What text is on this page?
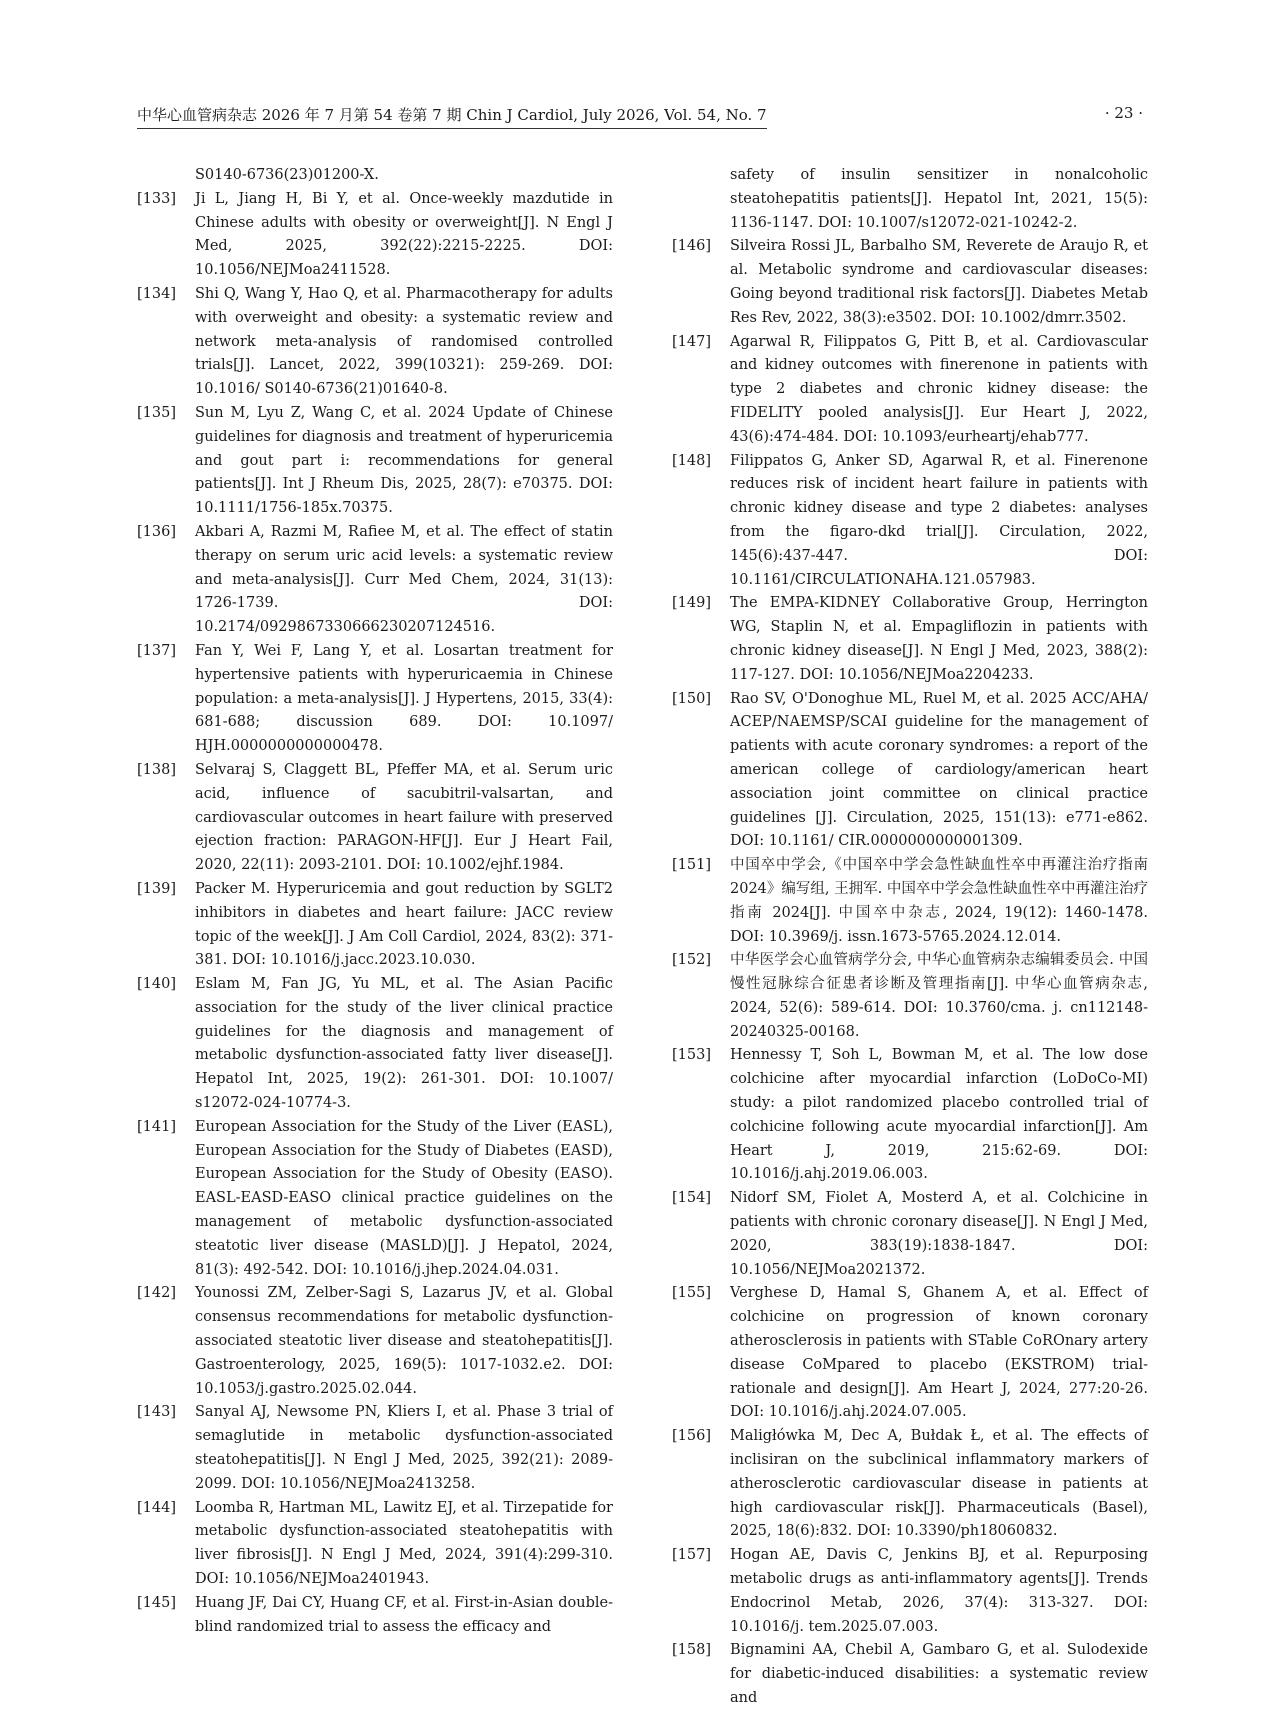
中华心血管病杂志 2026 年 7 月第 54 卷第 7 期 Chin J Cardiol, July 2026, Vol. 54, No. 7	· 23 ·
S0140-6736(23)01200-X.
[133]	Ji L, Jiang H, Bi Y, et al. Once-weekly mazdutide in Chinese adults with obesity or overweight[J]. N Engl J Med, 2025, 392(22):2215-2225. DOI: 10.1056/NEJMoa2411528.
[134]	Shi Q, Wang Y, Hao Q, et al. Pharmacotherapy for adults with overweight and obesity: a systematic review and network meta-analysis of randomised controlled trials[J]. Lancet, 2022, 399(10321): 259-269. DOI: 10.1016/ S0140-6736(21)01640-8.
[135]	Sun M, Lyu Z, Wang C, et al. 2024 Update of Chinese guidelines for diagnosis and treatment of hyperuricemia and gout part i: recommendations for general patients[J]. Int J Rheum Dis, 2025, 28(7): e70375. DOI: 10.1111/1756-185x.70375.
[136]	Akbari A, Razmi M, Rafiee M, et al. The effect of statin therapy on serum uric acid levels: a systematic review and meta-analysis[J]. Curr Med Chem, 2024, 31(13): 1726-1739. DOI: 10.2174/0929867330666230207124516.
[137]	Fan Y, Wei F, Lang Y, et al. Losartan treatment for hypertensive patients with hyperuricaemia in Chinese population: a meta-analysis[J]. J Hypertens, 2015, 33(4): 681-688; discussion 689. DOI: 10.1097/ HJH.0000000000000478.
[138]	Selvaraj S, Claggett BL, Pfeffer MA, et al. Serum uric acid, influence of sacubitril-valsartan, and cardiovascular outcomes in heart failure with preserved ejection fraction: PARAGON-HF[J]. Eur J Heart Fail, 2020, 22(11): 2093-2101. DOI: 10.1002/ejhf.1984.
[139]	Packer M. Hyperuricemia and gout reduction by SGLT2 inhibitors in diabetes and heart failure: JACC review topic of the week[J]. J Am Coll Cardiol, 2024, 83(2): 371-381. DOI: 10.1016/j.jacc.2023.10.030.
[140]	Eslam M, Fan JG, Yu ML, et al. The Asian Pacific association for the study of the liver clinical practice guidelines for the diagnosis and management of metabolic dysfunction-associated fatty liver disease[J]. Hepatol Int, 2025, 19(2): 261-301. DOI: 10.1007/ s12072-024-10774-3.
[141]	European Association for the Study of the Liver (EASL), European Association for the Study of Diabetes (EASD), European Association for the Study of Obesity (EASO). EASL-EASD-EASO clinical practice guidelines on the management of metabolic dysfunction-associated steatotic liver disease (MASLD)[J]. J Hepatol, 2024, 81(3): 492-542. DOI: 10.1016/j.jhep.2024.04.031.
[142]	Younossi ZM, Zelber-Sagi S, Lazarus JV, et al. Global consensus recommendations for metabolic dysfunction-associated steatotic liver disease and steatohepatitis[J]. Gastroenterology, 2025, 169(5): 1017-1032.e2. DOI: 10.1053/j.gastro.2025.02.044.
[143]	Sanyal AJ, Newsome PN, Kliers I, et al. Phase 3 trial of semaglutide in metabolic dysfunction-associated steatohepatitis[J]. N Engl J Med, 2025, 392(21): 2089-2099. DOI: 10.1056/NEJMoa2413258.
[144]	Loomba R, Hartman ML, Lawitz EJ, et al. Tirzepatide for metabolic dysfunction-associated steatohepatitis with liver fibrosis[J]. N Engl J Med, 2024, 391(4):299-310. DOI: 10.1056/NEJMoa2401943.
[145]	Huang JF, Dai CY, Huang CF, et al. First-in-Asian double-blind randomized trial to assess the efficacy and
safety of insulin sensitizer in nonalcoholic steatohepatitis patients[J]. Hepatol Int, 2021, 15(5): 1136-1147. DOI: 10.1007/s12072-021-10242-2.
[146]	Silveira Rossi JL, Barbalho SM, Reverete de Araujo R, et al. Metabolic syndrome and cardiovascular diseases: Going beyond traditional risk factors[J]. Diabetes Metab Res Rev, 2022, 38(3):e3502. DOI: 10.1002/dmrr.3502.
[147]	Agarwal R, Filippatos G, Pitt B, et al. Cardiovascular and kidney outcomes with finerenone in patients with type 2 diabetes and chronic kidney disease: the FIDELITY pooled analysis[J]. Eur Heart J, 2022, 43(6):474-484. DOI: 10.1093/eurheartj/ehab777.
[148]	Filippatos G, Anker SD, Agarwal R, et al. Finerenone reduces risk of incident heart failure in patients with chronic kidney disease and type 2 diabetes: analyses from the figaro-dkd trial[J]. Circulation, 2022, 145(6):437-447. DOI: 10.1161/CIRCULATIONAHA.121.057983.
[149]	The EMPA-KIDNEY Collaborative Group, Herrington WG, Staplin N, et al. Empagliflozin in patients with chronic kidney disease[J]. N Engl J Med, 2023, 388(2): 117-127. DOI: 10.1056/NEJMoa2204233.
[150]	Rao SV, O'Donoghue ML, Ruel M, et al. 2025 ACC/AHA/ ACEP/NAEMSP/SCAI guideline for the management of patients with acute coronary syndromes: a report of the american college of cardiology/american heart association joint committee on clinical practice guidelines [J]. Circulation, 2025, 151(13): e771-e862. DOI: 10.1161/ CIR.0000000000001309.
[151]	中国卒中学会,《中国卒中学会急性缺血性卒中再灌注治疗指南 2024》编写组, 王拥军. 中国卒中学会急性缺血性卒中再灌注治疗指南 2024[J]. 中国卒中杂志, 2024, 19(12): 1460-1478. DOI: 10.3969/j. issn.1673-5765.2024.12.014.
[152]	中华医学会心血管病学分会, 中华心血管病杂志编辑委员会. 中国慢性冠脉综合征患者诊断及管理指南[J]. 中华心血管病杂志, 2024, 52(6): 589-614. DOI: 10.3760/cma. j. cn112148-20240325-00168.
[153]	Hennessy T, Soh L, Bowman M, et al. The low dose colchicine after myocardial infarction (LoDoCo-MI) study: a pilot randomized placebo controlled trial of colchicine following acute myocardial infarction[J]. Am Heart J, 2019, 215:62-69. DOI: 10.1016/j.ahj.2019.06.003.
[154]	Nidorf SM, Fiolet A, Mosterd A, et al. Colchicine in patients with chronic coronary disease[J]. N Engl J Med, 2020, 383(19):1838-1847. DOI: 10.1056/NEJMoa2021372.
[155]	Verghese D, Hamal S, Ghanem A, et al. Effect of colchicine on progression of known coronary atherosclerosis in patients with STable CoROnary artery disease CoMpared to placebo (EKSTROM) trial-rationale and design[J]. Am Heart J, 2024, 277:20-26. DOI: 10.1016/j.ahj.2024.07.005.
[156]	Maligłówka M, Dec A, Bułdak Ł, et al. The effects of inclisiran on the subclinical inflammatory markers of atherosclerotic cardiovascular disease in patients at high cardiovascular risk[J]. Pharmaceuticals (Basel), 2025, 18(6):832. DOI: 10.3390/ph18060832.
[157]	Hogan AE, Davis C, Jenkins BJ, et al. Repurposing metabolic drugs as anti-inflammatory agents[J]. Trends Endocrinol Metab, 2026, 37(4): 313-327. DOI: 10.1016/j. tem.2025.07.003.
[158]	Bignamini AA, Chebil A, Gambaro G, et al. Sulodexide for diabetic-induced disabilities: a systematic review and
